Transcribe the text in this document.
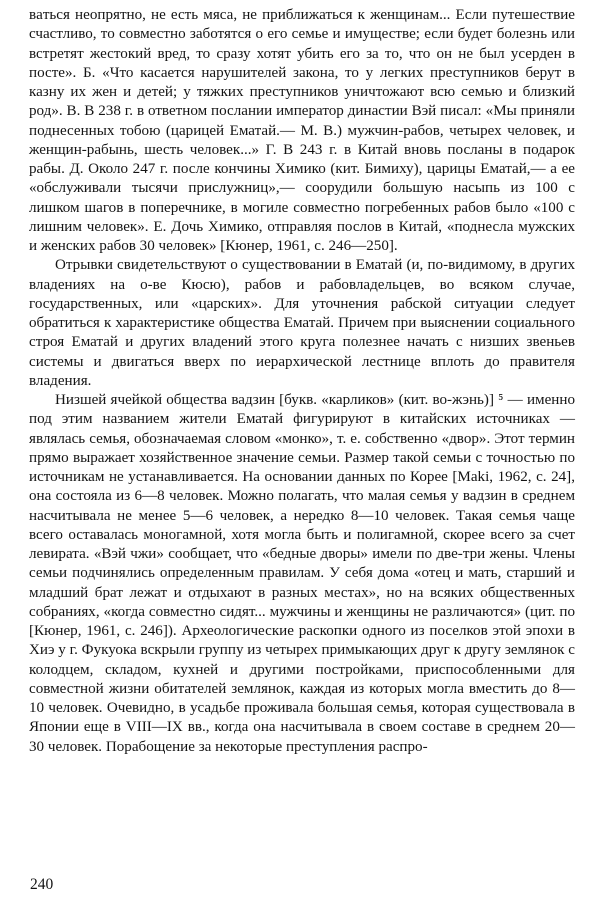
вaться неопрятно, не есть мяса, не приближаться к женщинам... Если путешествие счастливо, то совместно заботятся о его семье и имуществе; если будет болезнь или встретят жестокий вред, то сразу хотят убить его за то, что он не был усерден в посте». Б. «Что касается нарушителей закона, то у легких преступников берут в казну их жен и детей; у тяжких преступников уничтожают всю семью и близкий род». В. В 238 г. в ответном послании император династии Вэй писал: «Мы приняли поднесенных тобою (царицей Ематай.— М. В.) мужчин-рабов, четырех человек, и женщин-рабынь, шесть человек...» Г. В 243 г. в Китай вновь посланы в подарок рабы. Д. Около 247 г. после кончины Химико (кит. Бимиху), царицы Ематай,— а ее «обслуживали тысячи прислужниц»,— соорудили большую насыпь из 100 с лишком шагов в поперечнике, в могиле совместно погребенных рабов было «100 с лишним человек». Е. Дочь Химико, отправляя послов в Китай, «поднесла мужских и женских рабов 30 человек» [Кюнер, 1961, с. 246—250].

Отрывки свидетельствуют о существовании в Ематай (и, по-видимому, в других владениях на о-ве Кюсю), рабов и рабовладельцев, во всяком случае, государственных, или «царских». Для уточнения рабской ситуации следует обратиться к характеристике общества Ематай. Причем при выяснении социального строя Ематай и других владений этого круга полезнее начать с низших звеньев системы и двигаться вверх по иерархической лестнице вплоть до правителя владения.

Низшей ячейкой общества вадзин [букв. «карликов» (кит. во-жэнь)] ⁵ — именно под этим названием жители Ематай фигурируют в китайских источниках — являлась семья, обозначаемая словом «монко», т. е. собственно «двор». Этот термин прямо выражает хозяйственное значение семьи. Размер такой семьи с точностью по источникам не устанавливается. На основании данных по Корее [Maki, 1962, с. 24], она состояла из 6—8 человек. Можно полагать, что малая семья у вадзин в среднем насчитывала не менее 5—6 человек, а нередко 8—10 человек. Такая семья чаще всего оставалась моногамной, хотя могла быть и полигамной, скорее всего за счет левирата. «Вэй чжи» сообщает, что «бедные дворы» имели по две-три жены. Члены семьи подчинялись определенным правилам. У себя дома «отец и мать, старший и младший брат лежат и отдыхают в разных местах», но на всяких общественных собраниях, «когда совместно сидят... мужчины и женщины не различаются» (цит. по [Кюнер, 1961, с. 246]). Археологические раскопки одного из поселков этой эпохи в Хиэ у г. Фукуока вскрыли группу из четырех примыкающих друг к другу землянок с колодцем, складом, кухней и другими постройками, приспособленными для совместной жизни обитателей землянок, каждая из которых могла вместить до 8—10 человек. Очевидно, в усадьбе проживала большая семья, которая существовала в Японии еще в VIII—IX вв., когда она насчитывала в своем составе в среднем 20—30 человек. Порабощение за некоторые преступления распро-

240
